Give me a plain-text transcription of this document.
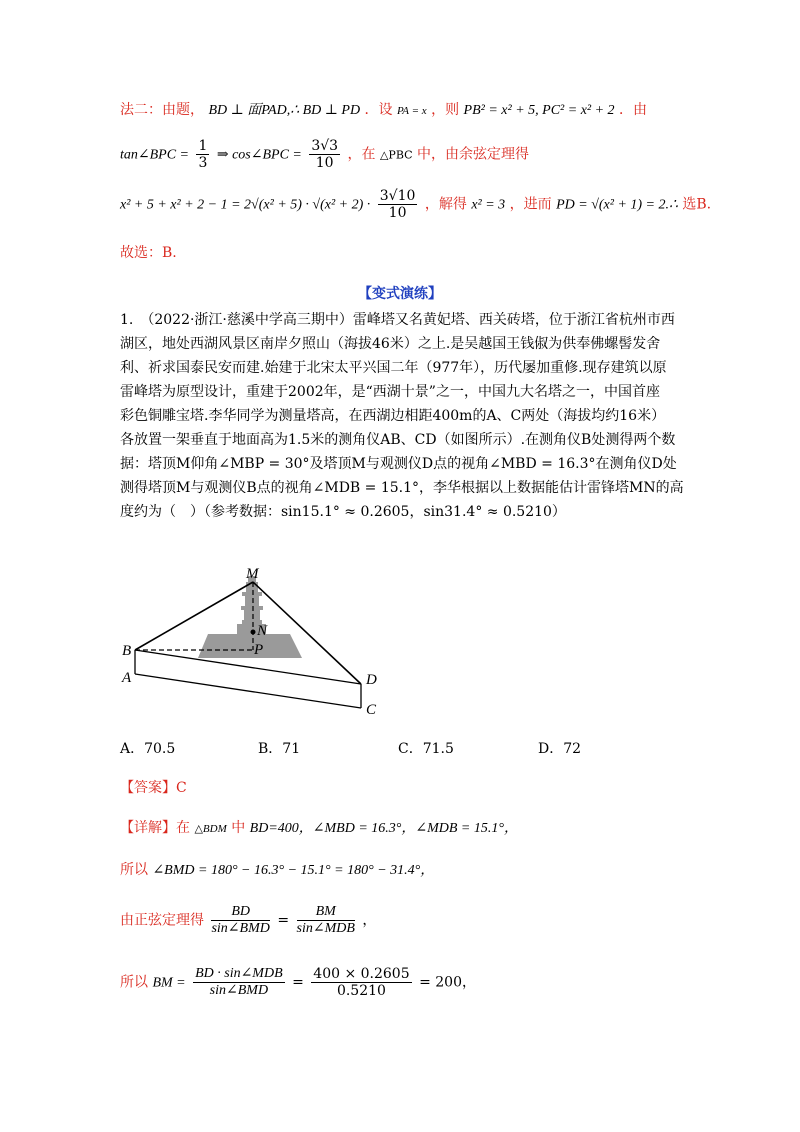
法二：由题， BD ⊥ 面PAD,∴ BD ⊥ PD ．设 PA = x ，则 PB² = x² + 5, PC² = x² + 2 ．由
tan∠BPC = $\frac{1}{3}$ ⇒ cos∠BPC = $\frac{3√3}{10}$ ，在 △PBC 中，由余弦定理得
$x^2 + 5 + x^2 + 2 - 1 = 2√(x^2 + 5) \cdot √(x^2 + 2) \cdot \frac{3√10}{10}$ ，解得 x² = 3 ，进而 PD = √(x² + 1) = 2.∴ 选B.
故选：B.
【变式演练】
1.　（2022·浙江·慈溪中学高三期中）雷峰塔又名黄妃塔、西关砖塔，位于浙江省杭州市西
湖区，地处西湖风景区南岸夕照山（海拔46米）之上.是吴越国王钱俶为供奉佛螺髻发舍
利、祈求国泰民安而建.始建于北宋太平兴国二年（977年），历代屡加重修.现存建筑以原
雷峰塔为原型设计，重建于2002年，是“西湖十景”之一，中国九大名塔之一，中国首座
彩色铜雕宝塔.李华同学为测量塔高，在西湖边相距400m的A、C两处（海拔均约16米）
各放置一架垂直于地面高为1.5米的测角仪AB、CD（如图所示）.在测角仪B处测得两个数
据：塔顶M仰角∠MBP = 30°及塔顶M与观测仪D点的视角∠MBD = 16.3°在测角仪D处
测得塔顶M与观测仪B点的视角∠MDB = 15.1°，李华根据以上数据能估计雷锋塔MN的高
度约为（　）（参考数据：sin15.1° ≈ 0.2605，sin31.4° ≈ 0.5210）
M
N
P
B
A	D
C
A．70.5	B．71	C．71.5	D．72
【答案】C
【详解】在 △BDM 中 BD=400，∠MBD = 16.3°，∠MDB = 15.1°，
所以 ∠BMD = 180° − 16.3° − 15.1° = 180° − 31.4°，
由正弦定理得 $\frac{BD}{\text{sin∠BMD}} = \frac{BM}{\text{sin∠MDB}}$ ，
所以 BM = $\frac{\text{BD · sin∠MDB}}{\text{sin∠BMD}} = \frac{400 \times 0.2605}{0.5210} = 200$，
